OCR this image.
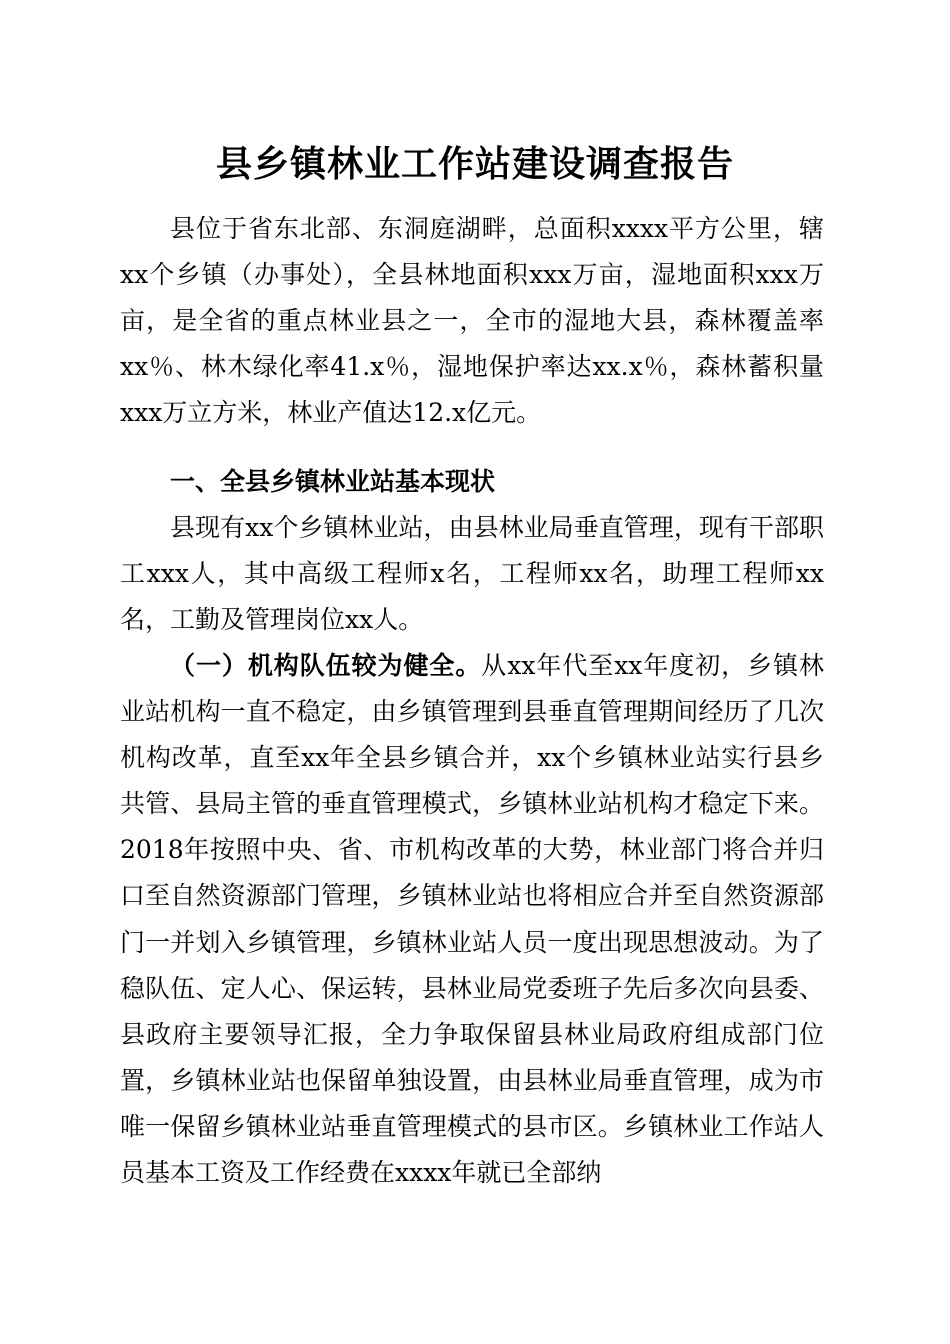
县乡镇林业工作站建设调查报告

县位于省东北部、东洞庭湖畔，总面积xxxx平方公里，辖xx个乡镇（办事处），全县林地面积xxx万亩，湿地面积xxx万亩，是全省的重点林业县之一，全市的湿地大县，森林覆盖率xx％、林木绿化率41.x％，湿地保护率达xx.x％，森林蓄积量xxx万立方米，林业产值达12.x亿元。

一、全县乡镇林业站基本现状

县现有xx个乡镇林业站，由县林业局垂直管理，现有干部职工xxx人，其中高级工程师x名，工程师xx名，助理工程师xx名，工勤及管理岗位xx人。

（一）机构队伍较为健全。从xx年代至xx年度初，乡镇林业站机构一直不稳定，由乡镇管理到县垂直管理期间经历了几次机构改革，直至xx年全县乡镇合并，xx个乡镇林业站实行县乡共管、县局主管的垂直管理模式，乡镇林业站机构才稳定下来。2018年按照中央、省、市机构改革的大势，林业部门将合并归口至自然资源部门管理，乡镇林业站也将相应合并至自然资源部门一并划入乡镇管理，乡镇林业站人员一度出现思想波动。为了稳队伍、定人心、保运转，县林业局党委班子先后多次向县委、县政府主要领导汇报，全力争取保留县林业局政府组成部门位置，乡镇林业站也保留单独设置，由县林业局垂直管理，成为市唯一保留乡镇林业站垂直管理模式的县市区。乡镇林业工作站人员基本工资及工作经费在xxxx年就已全部纳
